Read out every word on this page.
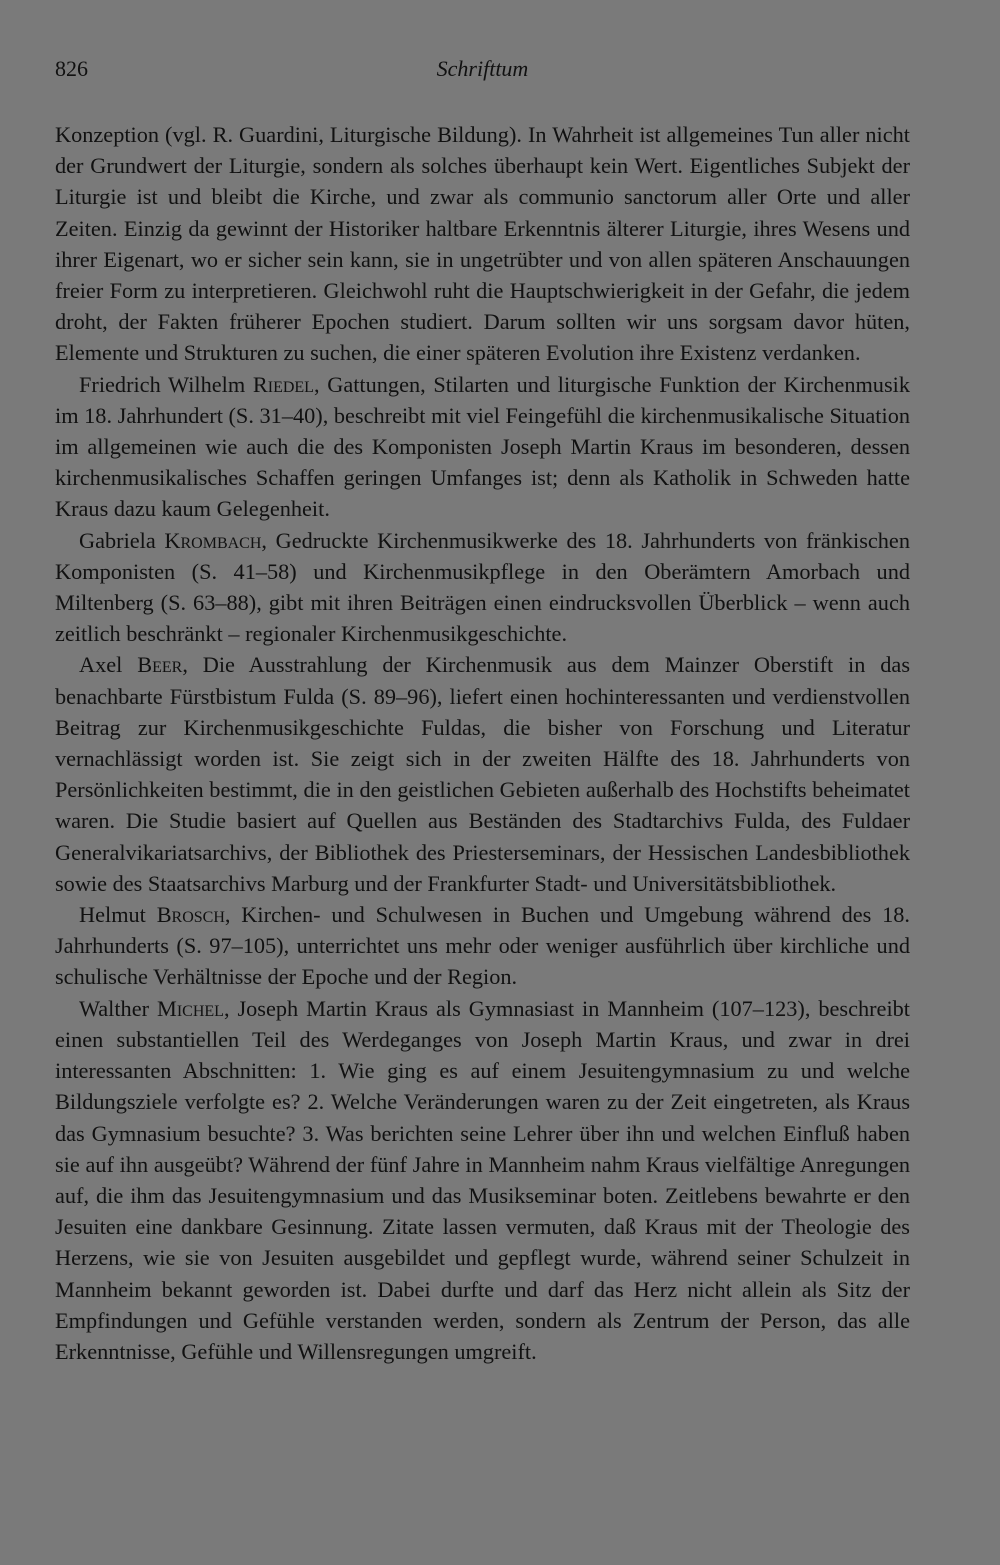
826	Schrifttum

Konzeption (vgl. R. Guardini, Liturgische Bildung). In Wahrheit ist allgemeines Tun aller nicht der Grundwert der Liturgie, sondern als solches überhaupt kein Wert. Eigentliches Subjekt der Liturgie ist und bleibt die Kirche, und zwar als communio sanctorum aller Orte und aller Zeiten. Einzig da gewinnt der Historiker haltbare Erkenntnis älterer Liturgie, ihres Wesens und ihrer Eigenart, wo er sicher sein kann, sie in ungetrübter und von allen späteren Anschauungen freier Form zu interpretieren. Gleichwohl ruht die Hauptschwierigkeit in der Gefahr, die jedem droht, der Fakten früherer Epochen studiert. Darum sollten wir uns sorgsam davor hüten, Elemente und Strukturen zu suchen, die einer späteren Evolution ihre Existenz verdanken.

Friedrich Wilhelm Riedel, Gattungen, Stilarten und liturgische Funktion der Kirchenmusik im 18. Jahrhundert (S. 31–40), beschreibt mit viel Feingefühl die kirchenmusikalische Situation im allgemeinen wie auch die des Komponisten Joseph Martin Kraus im besonderen, dessen kirchenmusikalisches Schaffen geringen Umfanges ist; denn als Katholik in Schweden hatte Kraus dazu kaum Gelegenheit.

Gabriela Krombach, Gedruckte Kirchenmusikwerke des 18. Jahrhunderts von fränkischen Komponisten (S. 41–58) und Kirchenmusikpflege in den Oberämtern Amorbach und Miltenberg (S. 63–88), gibt mit ihren Beiträgen einen eindrucksvollen Überblick – wenn auch zeitlich beschränkt – regionaler Kirchenmusikgeschichte.

Axel Beer, Die Ausstrahlung der Kirchenmusik aus dem Mainzer Oberstift in das benachbarte Fürstbistum Fulda (S. 89–96), liefert einen hochinteressanten und verdienstvollen Beitrag zur Kirchenmusikgeschichte Fuldas, die bisher von Forschung und Literatur vernachlässigt worden ist. Sie zeigt sich in der zweiten Hälfte des 18. Jahrhunderts von Persönlichkeiten bestimmt, die in den geistlichen Gebieten außerhalb des Hochstifts beheimatet waren. Die Studie basiert auf Quellen aus Beständen des Stadtarchivs Fulda, des Fuldaer Generalvikariatsarchivs, der Bibliothek des Priesterseminars, der Hessischen Landesbibliothek sowie des Staatsarchivs Marburg und der Frankfurter Stadt- und Universitätsbibliothek.

Helmut Brosch, Kirchen- und Schulwesen in Buchen und Umgebung während des 18. Jahrhunderts (S. 97–105), unterrichtet uns mehr oder weniger ausführlich über kirchliche und schulische Verhältnisse der Epoche und der Region.

Walther Michel, Joseph Martin Kraus als Gymnasiast in Mannheim (107–123), beschreibt einen substantiellen Teil des Werdeganges von Joseph Martin Kraus, und zwar in drei interessanten Abschnitten: 1. Wie ging es auf einem Jesuitengymnasium zu und welche Bildungsziele verfolgte es? 2. Welche Veränderungen waren zu der Zeit eingetreten, als Kraus das Gymnasium besuchte? 3. Was berichten seine Lehrer über ihn und welchen Einfluß haben sie auf ihn ausgeübt? Während der fünf Jahre in Mannheim nahm Kraus vielfältige Anregungen auf, die ihm das Jesuitengymnasium und das Musikseminar boten. Zeitlebens bewahrte er den Jesuiten eine dankbare Gesinnung. Zitate lassen vermuten, daß Kraus mit der Theologie des Herzens, wie sie von Jesuiten ausgebildet und gepflegt wurde, während seiner Schulzeit in Mannheim bekannt geworden ist. Dabei durfte und darf das Herz nicht allein als Sitz der Empfindungen und Gefühle verstanden werden, sondern als Zentrum der Person, das alle Erkenntnisse, Gefühle und Willensregungen umgreift.
